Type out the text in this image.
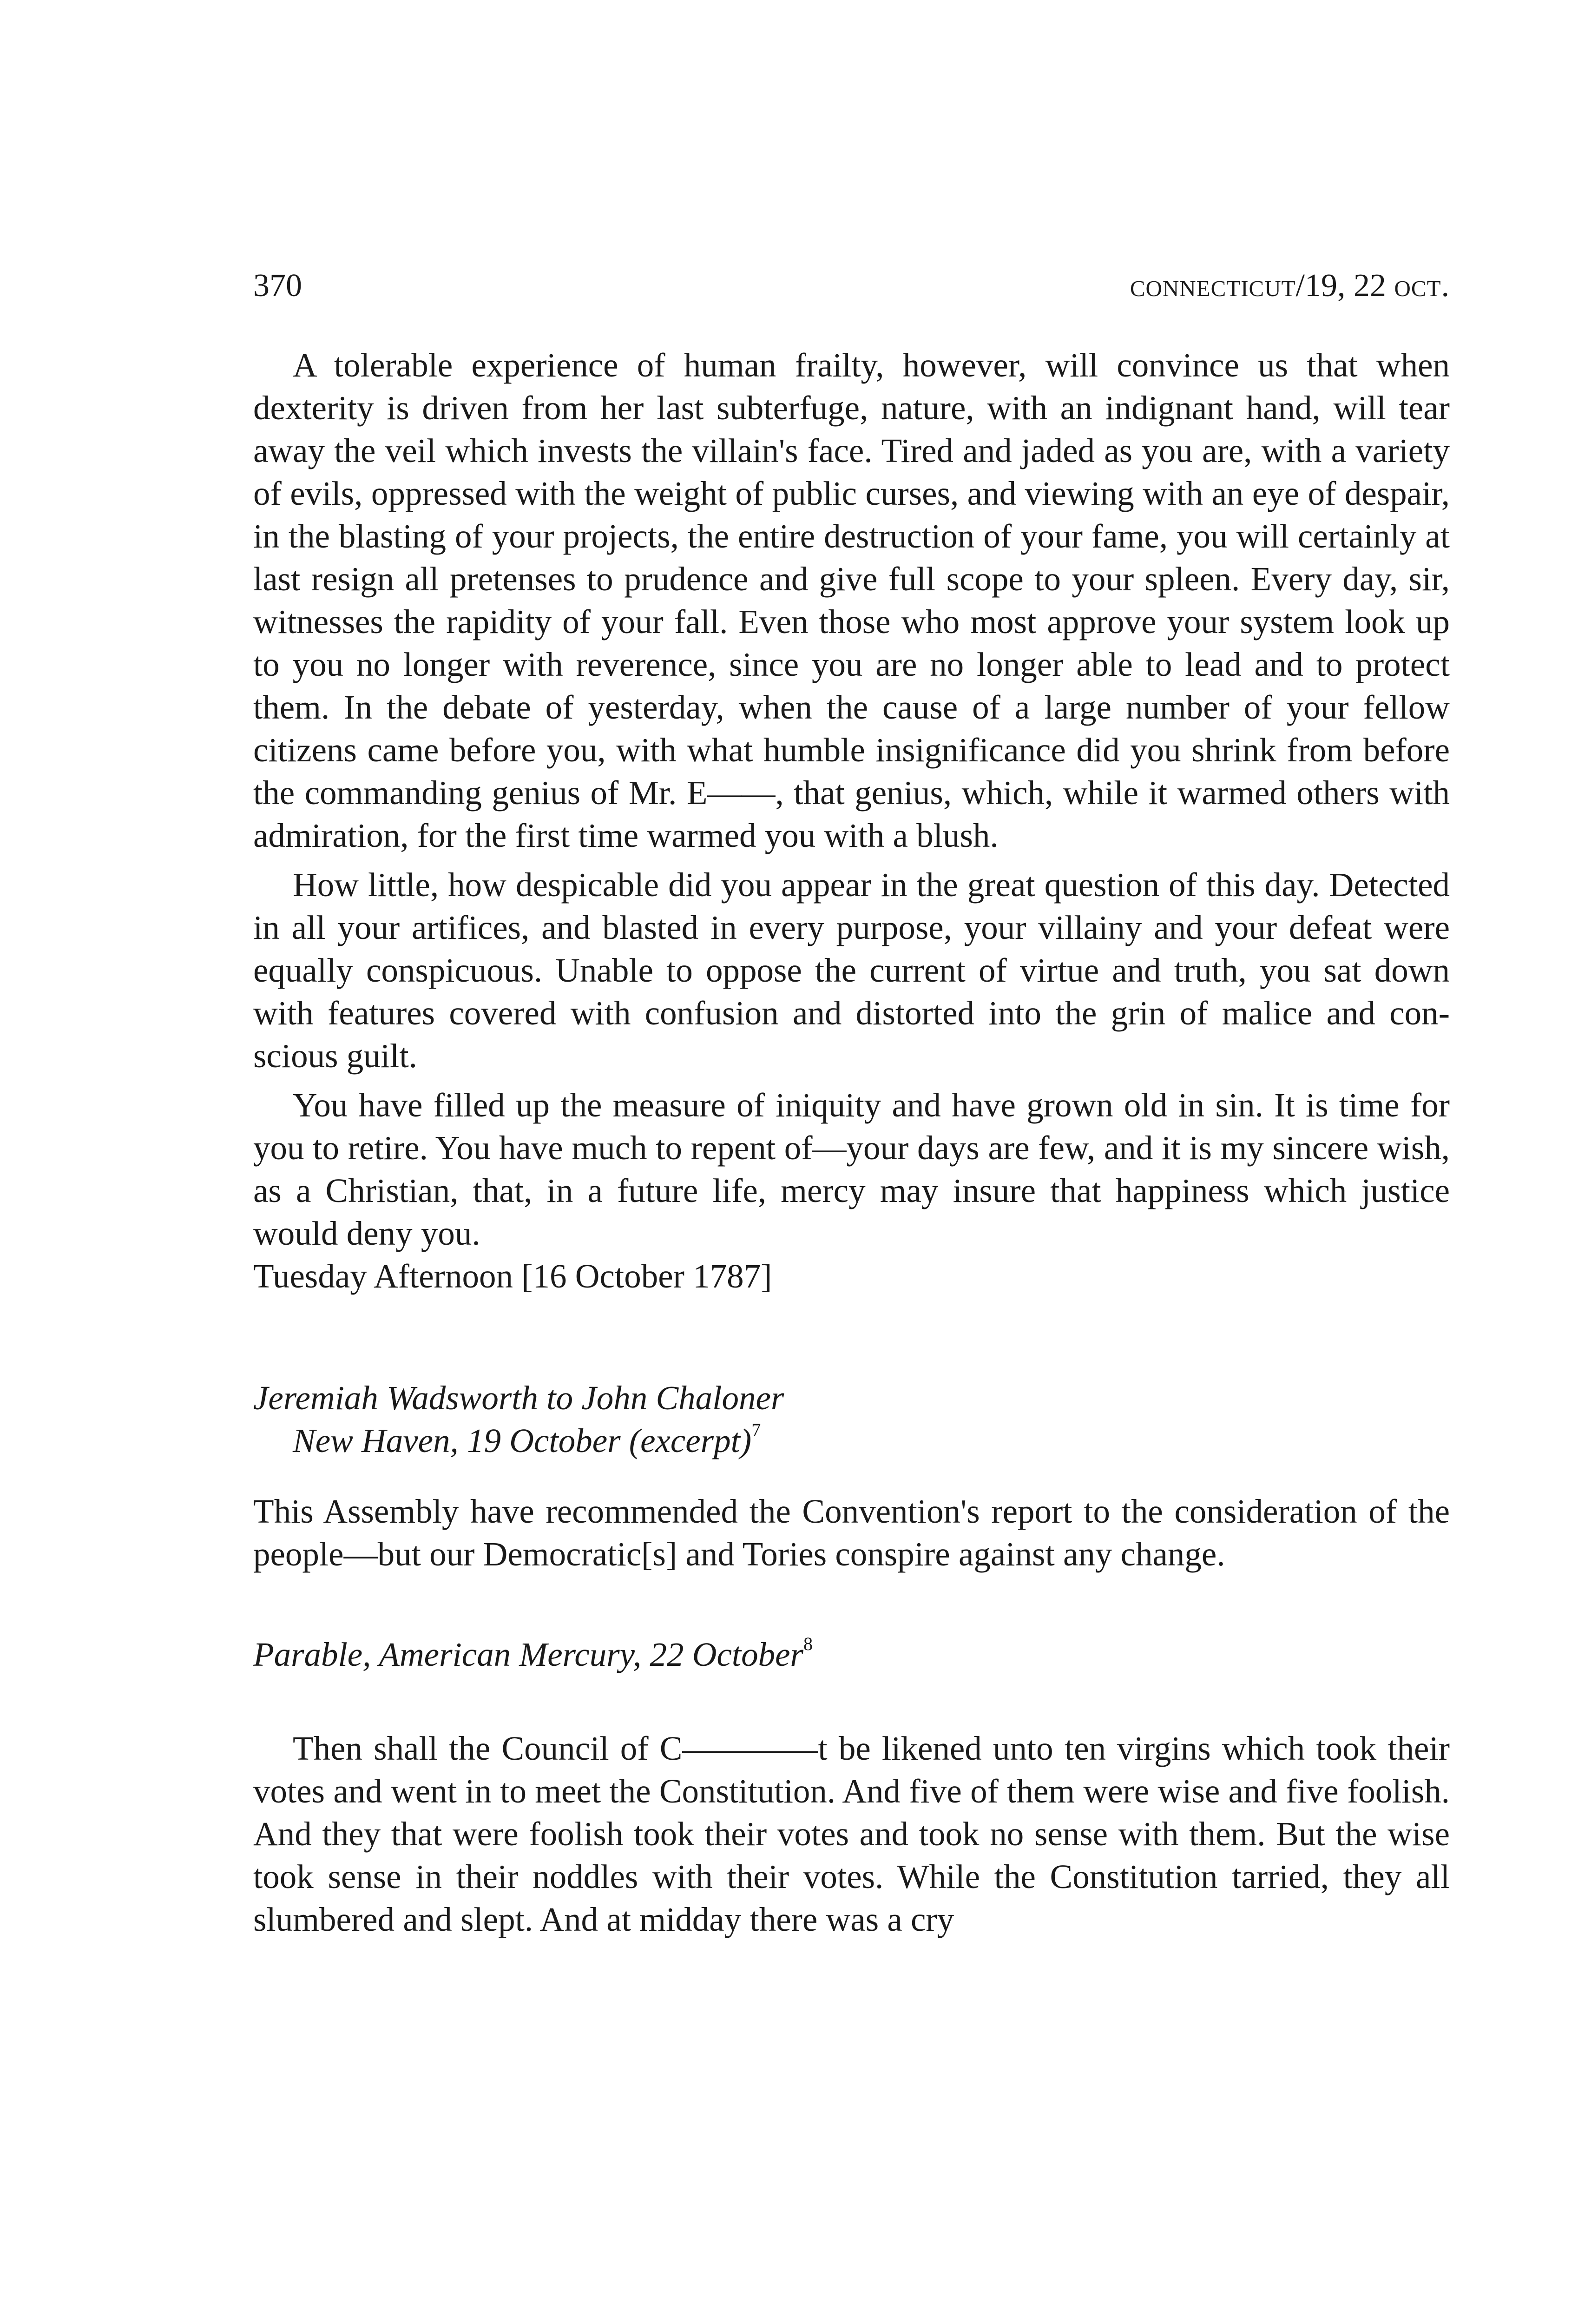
370	connecticut/19, 22 oct.

A tolerable experience of human frailty, however, will convince us that when dexterity is driven from her last subterfuge, nature, with an indignant hand, will tear away the veil which invests the villain's face. Tired and jaded as you are, with a variety of evils, oppressed with the weight of public curses, and viewing with an eye of despair, in the blasting of your projects, the entire destruction of your fame, you will certainly at last resign all pretenses to prudence and give full scope to your spleen. Every day, sir, witnesses the rapidity of your fall. Even those who most approve your system look up to you no longer with reverence, since you are no longer able to lead and to protect them. In the debate of yesterday, when the cause of a large number of your fellow citizens came before you, with what humble insignificance did you shrink from before the commanding genius of Mr. E——, that genius, which, while it warmed others with admiration, for the first time warmed you with a blush.

How little, how despicable did you appear in the great question of this day. Detected in all your artifices, and blasted in every purpose, your villainy and your defeat were equally conspicuous. Unable to oppose the current of virtue and truth, you sat down with features covered with confusion and distorted into the grin of malice and conscious guilt.

You have filled up the measure of iniquity and have grown old in sin. It is time for you to retire. You have much to repent of—your days are few, and it is my sincere wish, as a Christian, that, in a future life, mercy may insure that happiness which justice would deny you.

Tuesday Afternoon [16 October 1787]

Jeremiah Wadsworth to John Chaloner

New Haven, 19 October (excerpt)$^7$

This Assembly have recommended the Convention's report to the consideration of the people—but our Democratic[s] and Tories conspire against any change.

Parable, American Mercury, 22 October$^8$

Then shall the Council of C————t be likened unto ten virgins which took their votes and went in to meet the Constitution. And five of them were wise and five foolish. And they that were foolish took their votes and took no sense with them. But the wise took sense in their noddles with their votes. While the Constitution tarried, they all slumbered and slept. And at midday there was a cry
